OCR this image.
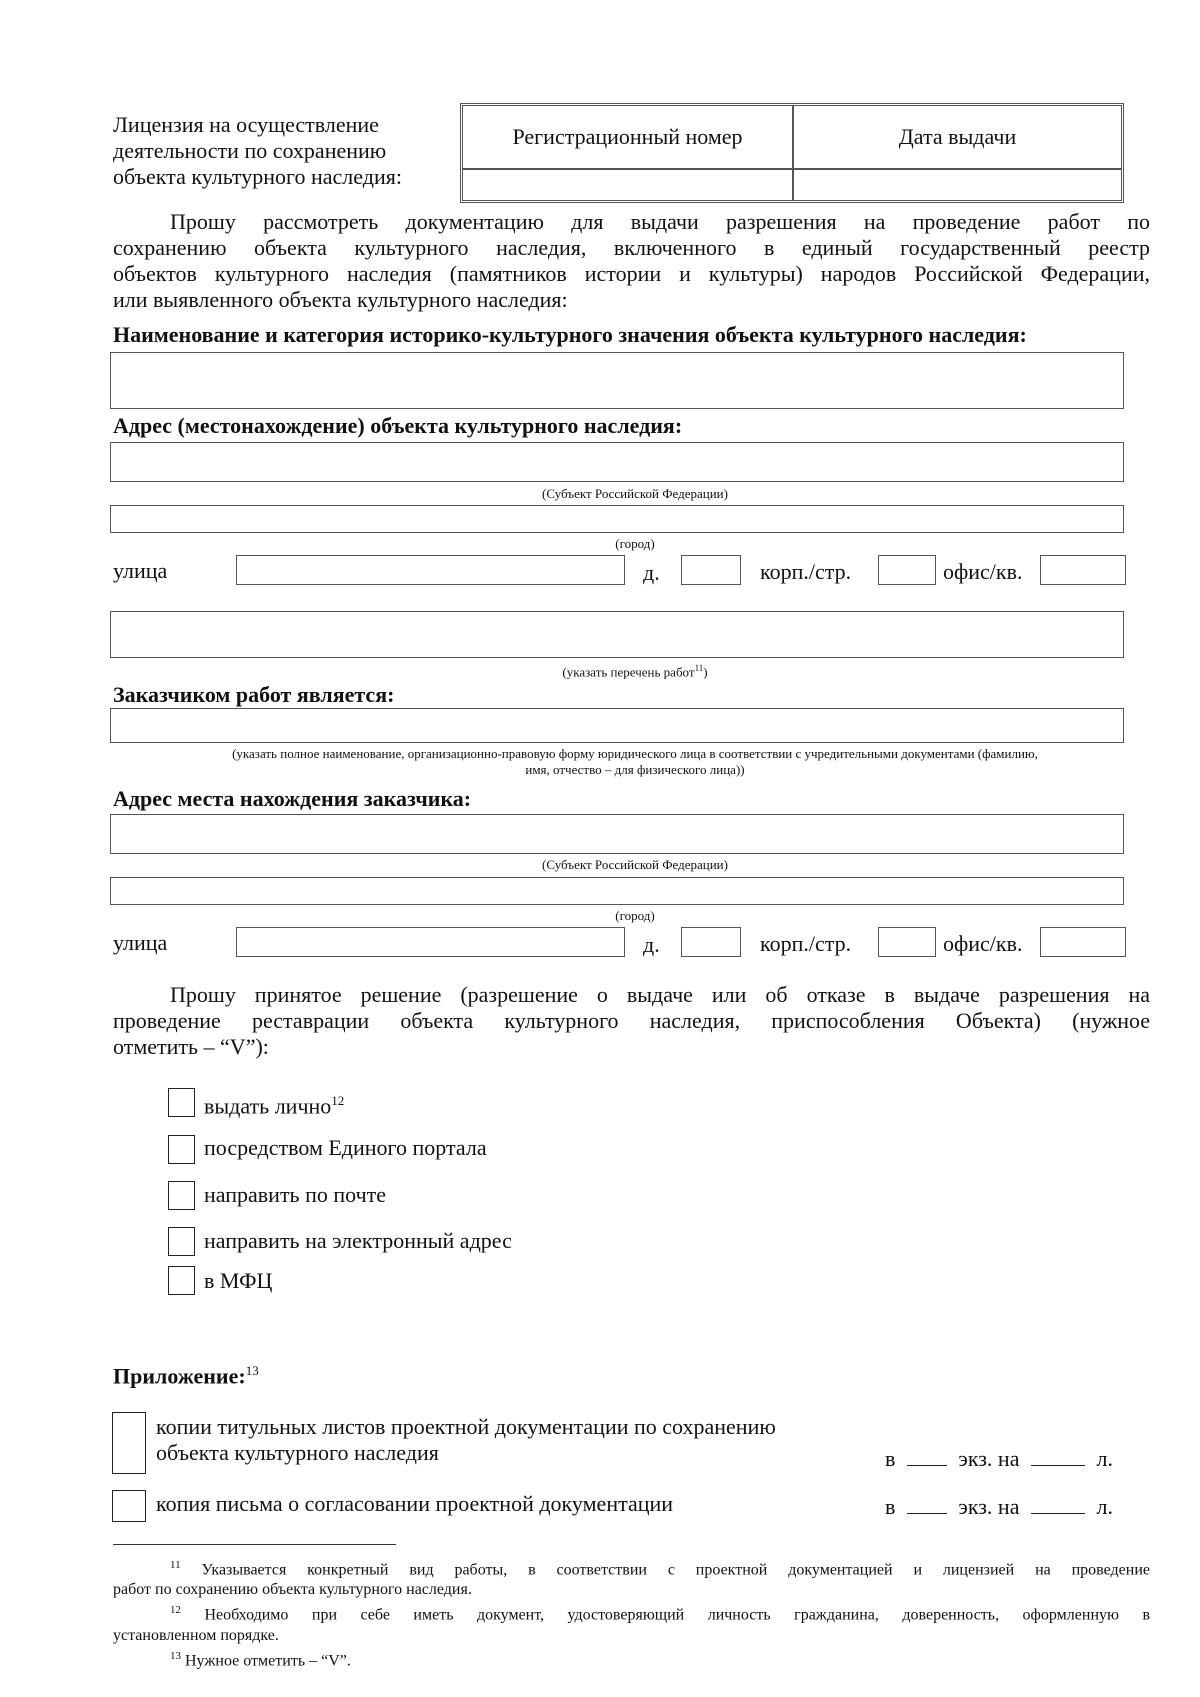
Лицензия на осуществление
деятельности по сохранению
объекта культурного наследия:
Регистрационный номер	Дата выдачи
Прошу рассмотреть документацию для выдачи разрешения на проведение работ по
сохранению объекта культурного наследия, включенного в единый государственный реестр
объектов культурного наследия (памятников истории и культуры) народов Российской Федерации,
или выявленного объекта культурного наследия:
Наименование и категория историко-культурного значения объекта культурного наследия:
Адрес (местонахождение) объекта культурного наследия:
(Субъект Российской Федерации)
(город)
улица	д.	корп./стр.	офис/кв.
(указать перечень работ$^{11}$)
Заказчиком работ является:
(указать полное наименование, организационно-правовую форму юридического лица в соответствии с учредительными документами (фамилию,
имя, отчество – для физического лица))
Адрес места нахождения заказчика:
(Субъект Российской Федерации)
(город)
улица	д.	корп./стр.	офис/кв.
Прошу принятое решение (разрешение о выдаче или об отказе в выдаче разрешения на
проведение реставрации объекта культурного наследия, приспособления Объекта) (нужное
отметить – “V”):
выдать лично$^{12}$
посредством Единого портала
направить по почте
направить на электронный адрес
в МФЦ
Приложение:$^{13}$
копии титульных листов проектной документации по сохранению
объекта культурного наследия	в	экз. на	л.
копия письма о согласовании проектной документации	в	экз. на	л.
$^{11}$ Указывается конкретный вид работы, в соответствии с проектной документацией и лицензией на проведение
работ по сохранению объекта культурного наследия.
$^{12}$ Необходимо при себе иметь документ, удостоверяющий личность гражданина, доверенность, оформленную в
установленном порядке.
$^{13}$ Нужное отметить – “V”.
